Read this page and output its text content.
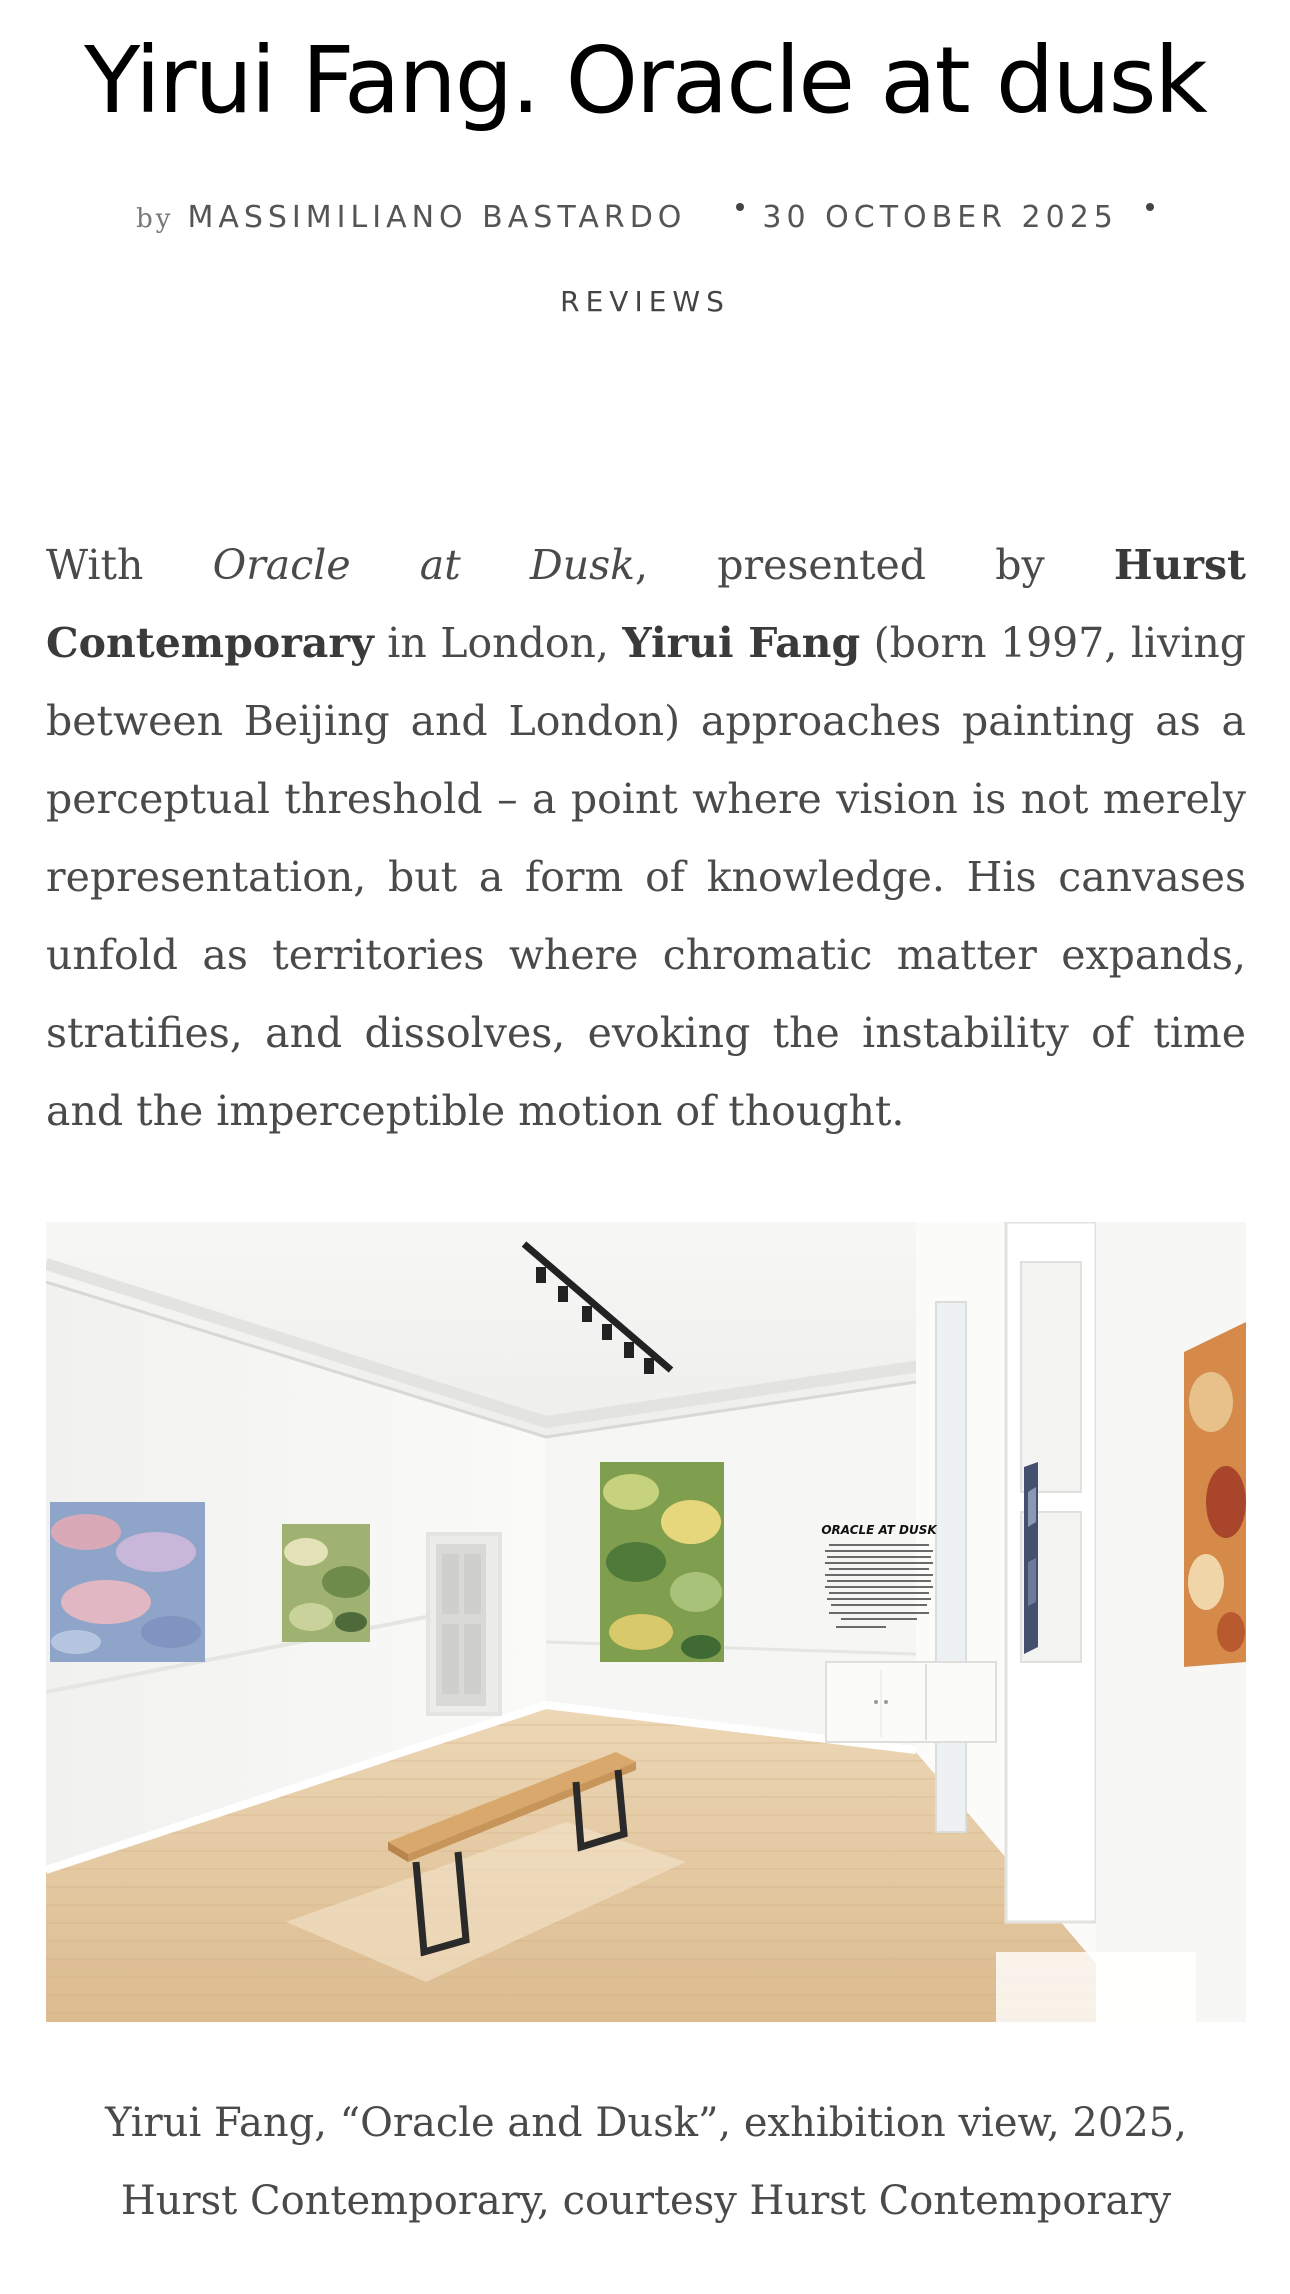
Yirui Fang. Oracle at dusk
by MASSIMILIANO BASTARDO	30 OCTOBER 2025
REVIEWS

With Oracle at Dusk, presented by Hurst Contemporary in London, Yirui Fang (born 1997, living between Beijing and London) approaches painting as a perceptual threshold – a point where vision is not merely representation, but a form of knowledge. His canvases unfold as territories where chromatic matter expands, stratifies, and dissolves, evoking the instability of time and the imperceptible motion of thought.

ORACLE AT DUSK
Yirui Fang, “Oracle and Dusk”, exhibition view, 2025, Hurst Contemporary, courtesy Hurst Contemporary
